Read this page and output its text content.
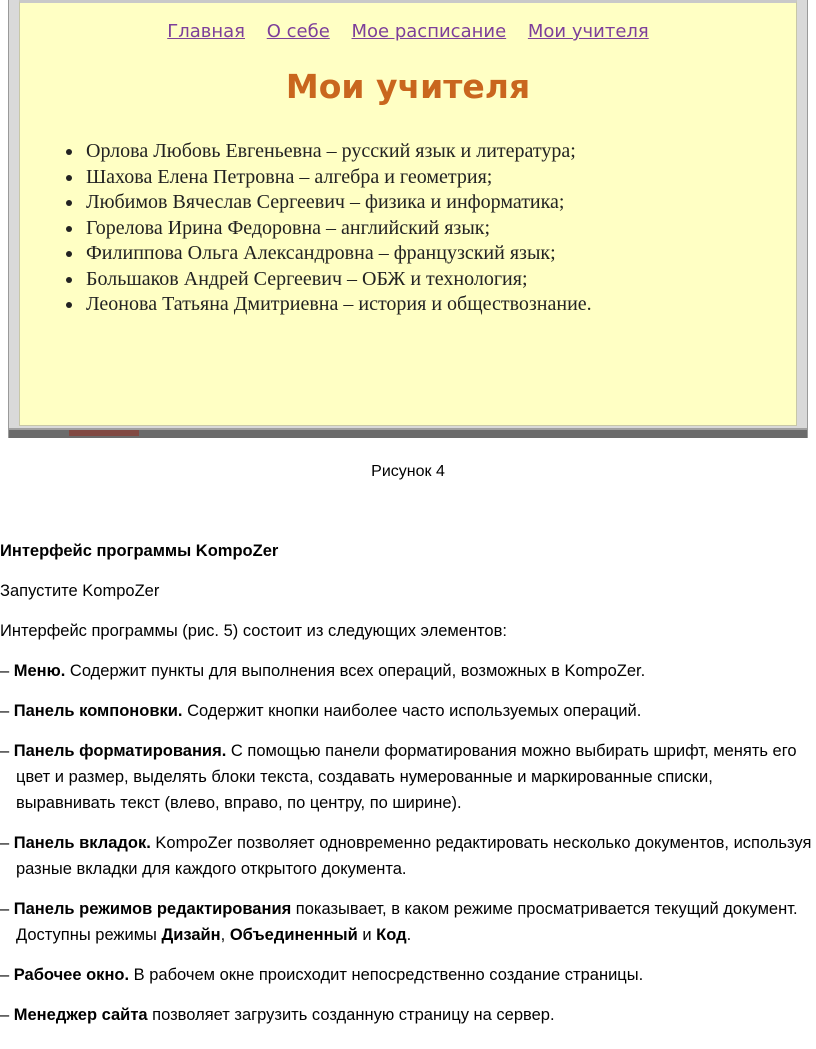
Главная О себе Мое расписание Мои учителя
Мои учителя
• Орлова Любовь Евгеньевна – русский язык и литература;
• Шахова Елена Петровна – алгебра и геометрия;
• Любимов Вячеслав Сергеевич – физика и информатика;
• Горелова Ирина Федоровна – английский язык;
• Филиппова Ольга Александровна – французский язык;
• Большаков Андрей Сергеевич – ОБЖ и технология;
• Леонова Татьяна Дмитриевна – история и обществознание.
Рисунок 4

Интерфейс программы KompoZer

Запустите KompoZer

Интерфейс программы (рис. 5) состоит из следующих элементов:

– Меню. Содержит пункты для выполнения всех операций, возможных в KompoZer.

– Панель компоновки. Содержит кнопки наиболее часто используемых операций.

– Панель форматирования. С помощью панели форматирования можно выбирать шрифт, менять его цвет и размер, выделять блоки текста, создавать нумерованные и маркированные списки, выравнивать текст (влево, вправо, по центру, по ширине).

– Панель вкладок. KompoZer позволяет одновременно редактировать несколько документов, используя разные вкладки для каждого открытого документа.

– Панель режимов редактирования показывает, в каком режиме просматривается текущий документ. Доступны режимы Дизайн, Объединенный и Код.

– Рабочее окно. В рабочем окне происходит непосредственно создание страницы.

– Менеджер сайта позволяет загрузить созданную страницу на сервер.
